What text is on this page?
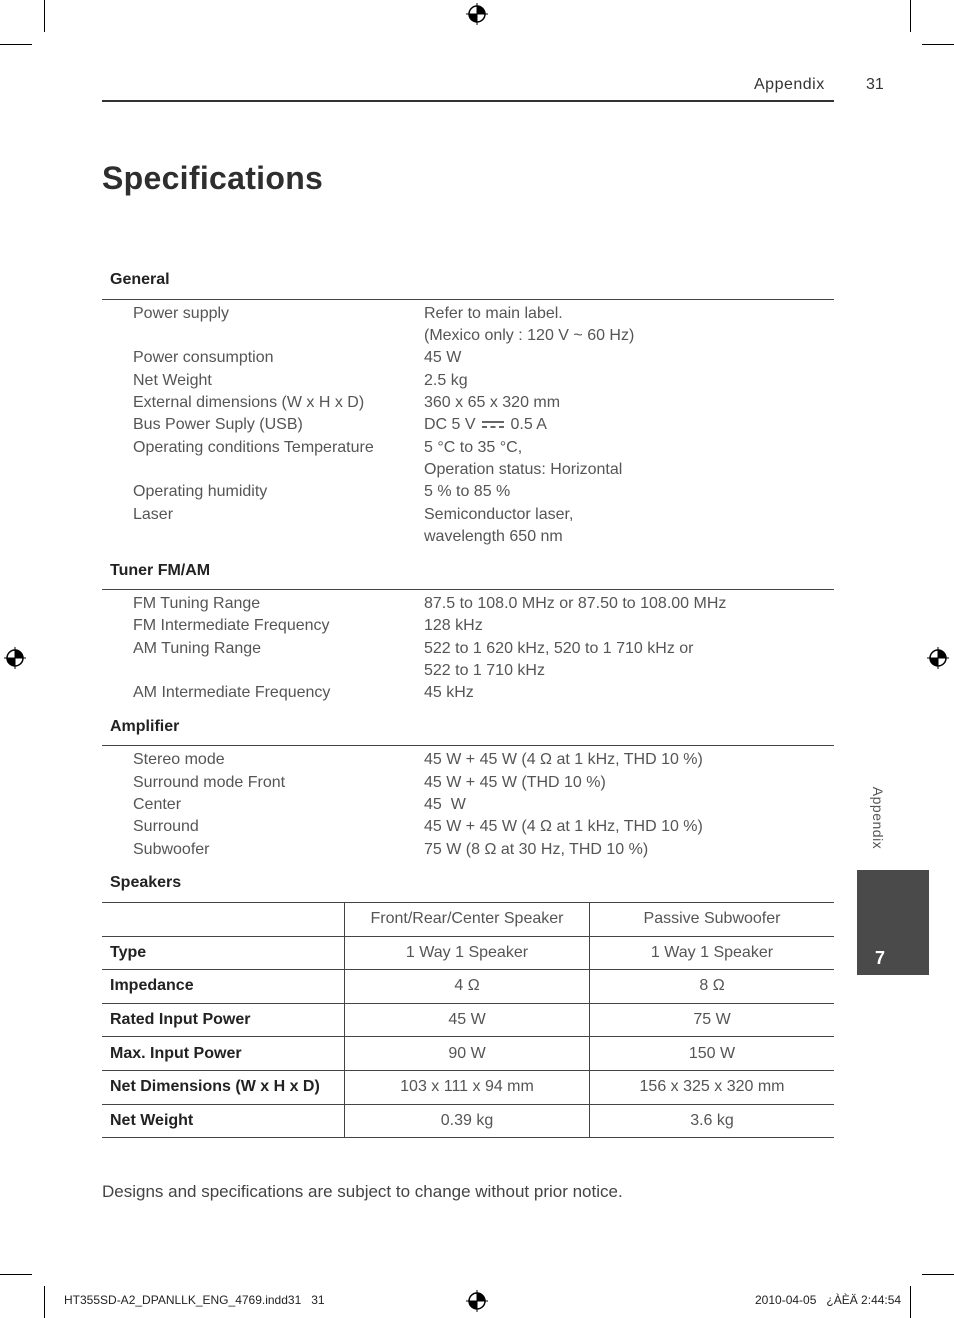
Appendix	31
Specifications
General
Power supply	Refer to main label.
(Mexico only : 120 V ~ 60 Hz)
Power consumption	45 W
Net Weight	2.5 kg
External dimensions (W x H x D)	360 x 65 x 320 mm
Bus Power Suply (USB)	DC 5 V 0.5 A
Operating conditions Temperature	5 °C to 35 °C,
Operation status: Horizontal
Operating humidity	5 % to 85 %
Laser	Semiconductor laser,
wavelength 650 nm
Tuner FM/AM
FM Tuning Range	87.5 to 108.0 MHz or 87.50 to 108.00 MHz
FM Intermediate Frequency	128 kHz
AM Tuning Range	522 to 1 620 kHz, 520 to 1 710 kHz or
522 to 1 710 kHz
AM Intermediate Frequency	45 kHz
Amplifier
Stereo mode	45 W + 45 W (4 Ω at 1 kHz, THD 10 %)
Surround mode Front	45 W + 45 W (THD 10 %)
Center	45  W
Surround	45 W + 45 W (4 Ω at 1 kHz, THD 10 %)
Subwoofer	75 W (8 Ω at 30 Hz, THD 10 %)
Speakers
	Front/Rear/Center Speaker	Passive Subwoofer
Type	1 Way 1 Speaker	1 Way 1 Speaker
Impedance	4 Ω	8 Ω
Rated Input Power	45 W	75 W
Max. Input Power	90 W	150 W
Net Dimensions (W x H x D)	103 x 111 x 94 mm	156 x 325 x 320 mm
Net Weight	0.39 kg	3.6 kg
Designs and specifications are subject to change without prior notice.
Appendix
7
HT355SD-A2_DPANLLK_ENG_4769.indd31   31	2010-04-05   ¿ÀÈÄ 2:44:54
